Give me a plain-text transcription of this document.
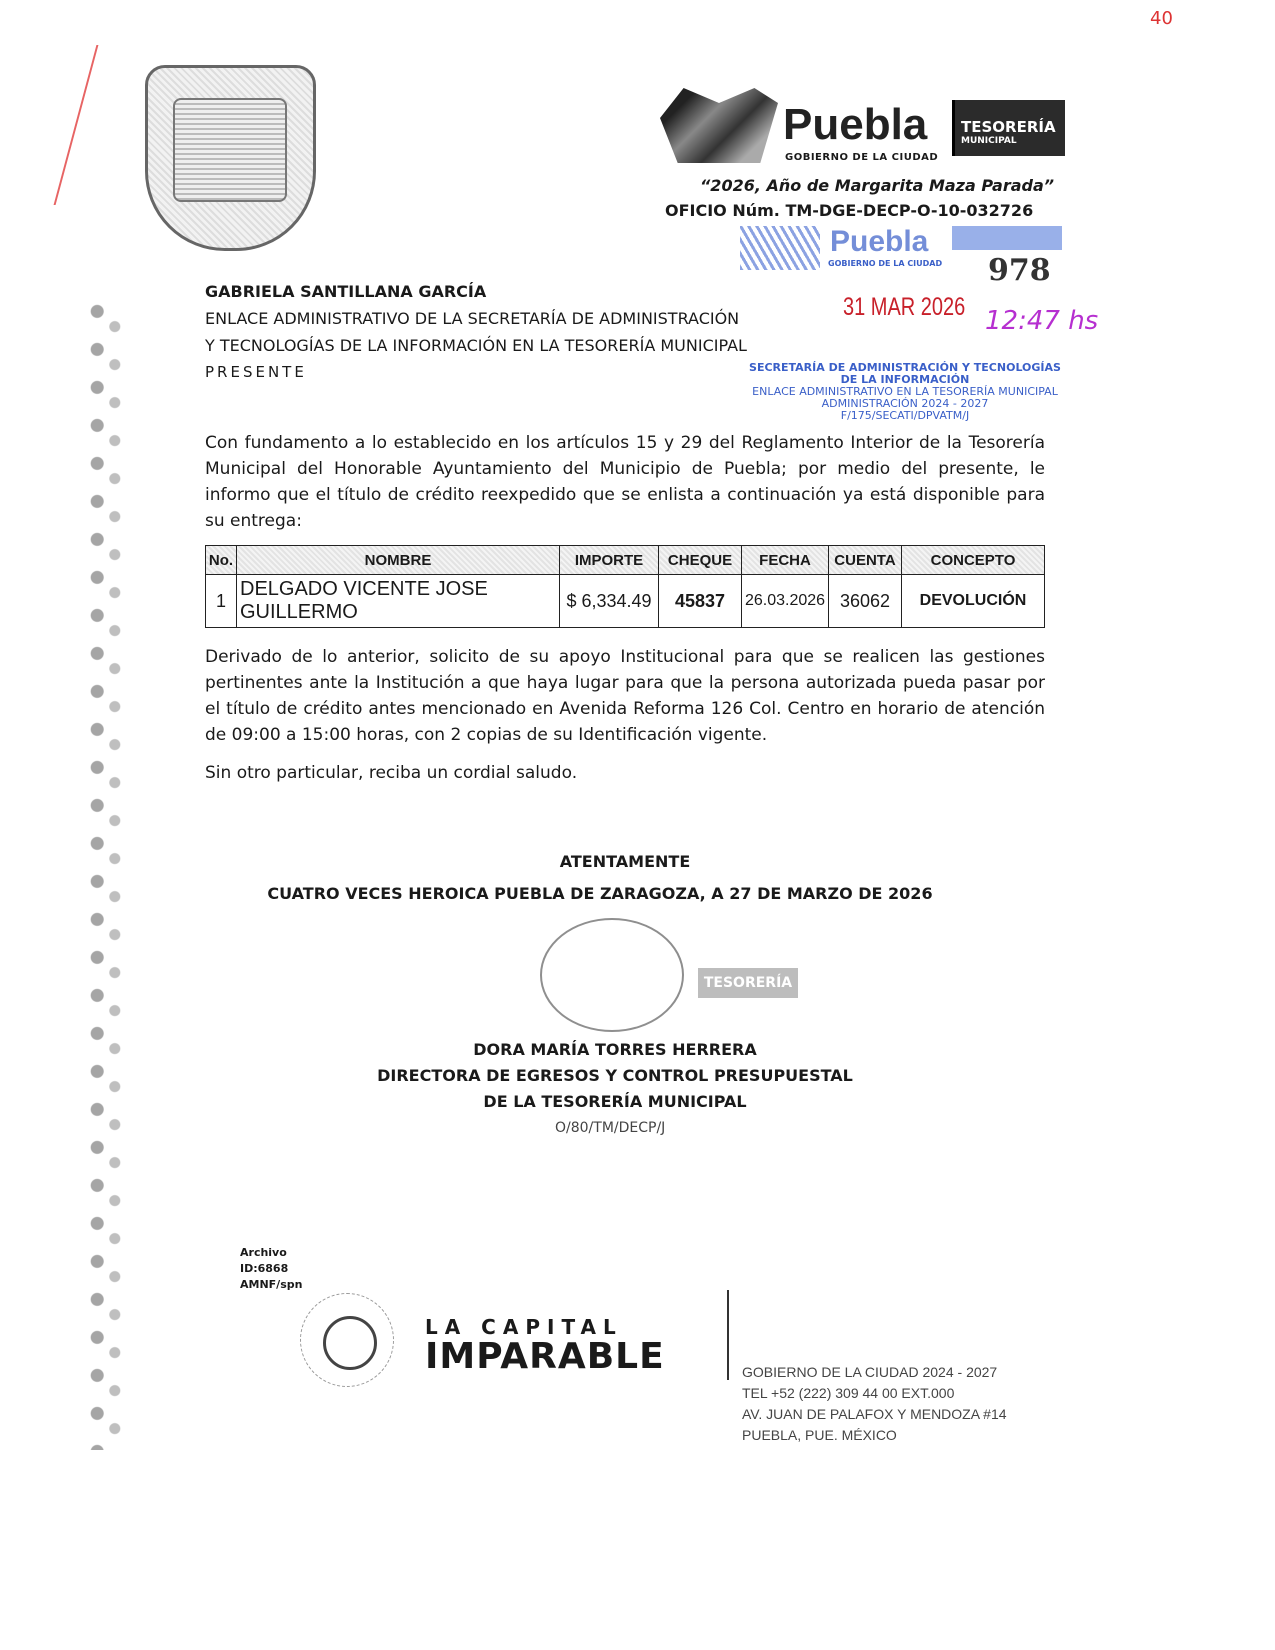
40
Puebla
GOBIERNO DE LA CIUDAD
TESORERÍA
MUNICIPAL
“2026, Año de Margarita Maza Parada”
OFICIO Núm. TM-DGE-DECP-O-10-032726
Puebla
GOBIERNO DE LA CIUDAD 978
31 MAR 2026 12:47 hs
SECRETARÍA DE ADMINISTRACIÓN Y TECNOLOGÍAS
DE LA INFORMACIÓN
ENLACE ADMINISTRATIVO EN LA TESORERÍA MUNICIPAL
ADMINISTRACIÓN 2024 - 2027
F/175/SECATI/DPVATM/J
GABRIELA SANTILLANA GARCÍA
ENLACE ADMINISTRATIVO DE LA SECRETARÍA DE ADMINISTRACIÓN
Y TECNOLOGÍAS DE LA INFORMACIÓN EN LA TESORERÍA MUNICIPAL
PRESENTE
Con fundamento a lo establecido en los artículos 15 y 29 del Reglamento Interior de la Tesorería Municipal del Honorable Ayuntamiento del Municipio de Puebla; por medio del presente, le informo que el título de crédito reexpedido que se enlista a continuación ya está disponible para su entrega:
No.	NOMBRE	IMPORTE	CHEQUE	FECHA	CUENTA	CONCEPTO
1	DELGADO VICENTE JOSE GUILLERMO	$ 6,334.49	45837	26.03.2026	36062	DEVOLUCIÓN
Derivado de lo anterior, solicito de su apoyo Institucional para que se realicen las gestiones pertinentes ante la Institución a que haya lugar para que la persona autorizada pueda pasar por el título de crédito antes mencionado en Avenida Reforma 126 Col. Centro en horario de atención de 09:00 a 15:00 horas, con 2 copias de su Identificación vigente.
Sin otro particular, reciba un cordial saludo.
ATENTAMENTE
CUATRO VECES HEROICA PUEBLA DE ZARAGOZA, A 27 DE MARZO DE 2026
TESORERÍA
DORA MARÍA TORRES HERRERA
DIRECTORA DE EGRESOS Y CONTROL PRESUPUESTAL
DE LA TESORERÍA MUNICIPAL
O/80/TM/DECP/J
Archivo
ID:6868
AMNF/spn
LA CAPITAL
IMPARABLE	GOBIERNO DE LA CIUDAD 2024 - 2027
TEL +52 (222) 309 44 00 EXT.000
AV. JUAN DE PALAFOX Y MENDOZA #14
PUEBLA, PUE. MÉXICO
